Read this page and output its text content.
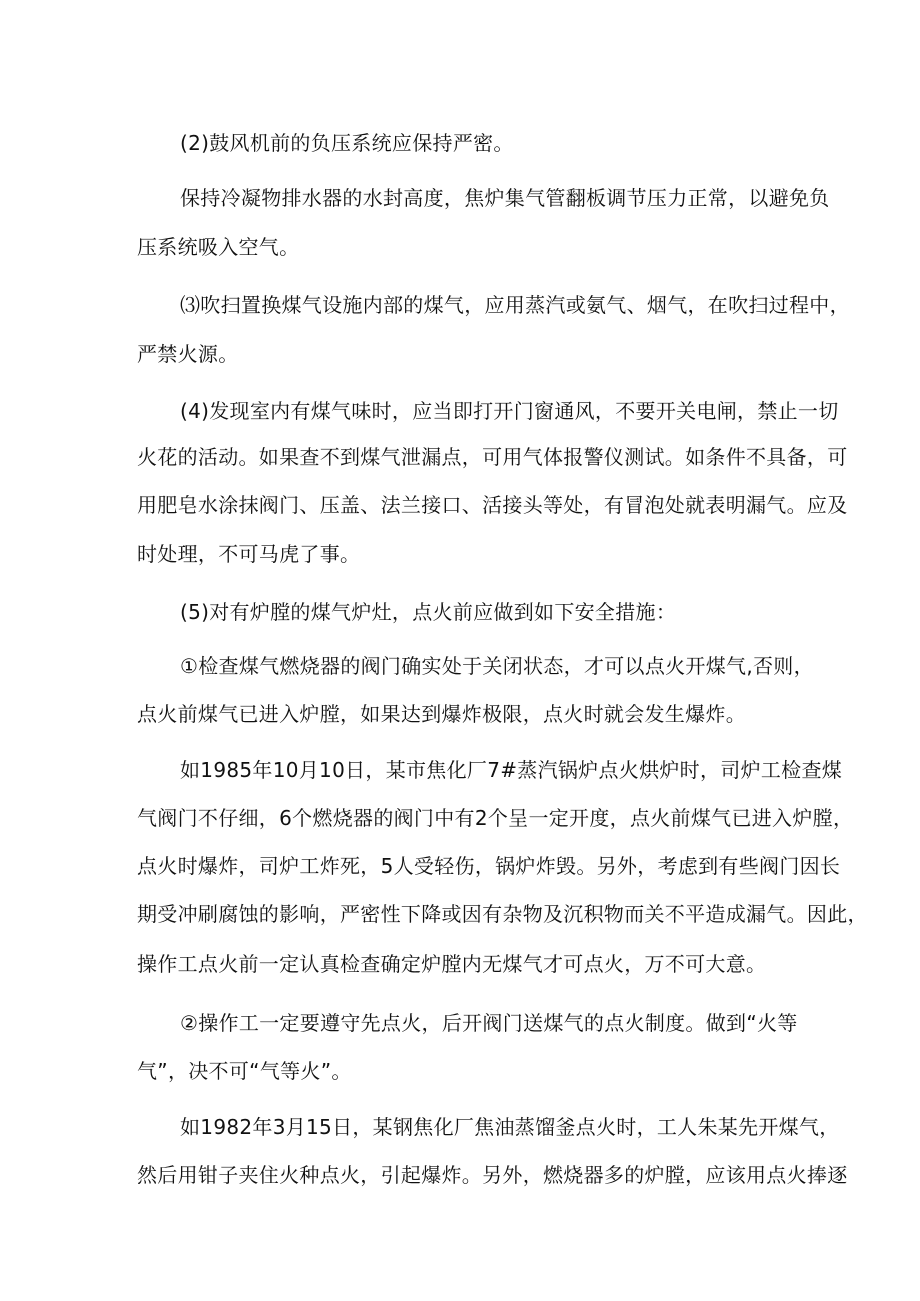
(2)鼓风机前的负压系统应保持严密。
保持冷凝物排水器的水封高度，焦炉集气管翻板调节压力正常，以避免负
压系统吸入空气。
⑶吹扫置换煤气设施内部的煤气，应用蒸汽或氨气、烟气，在吹扫过程中，
严禁火源。
(4)发现室内有煤气味时，应当即打开门窗通风，不要开关电闸，禁止一切
火花的活动。如果查不到煤气泄漏点，可用气体报警仪测试。如条件不具备，可
用肥皂水涂抹阀门、压盖、法兰接口、活接头等处，有冒泡处就表明漏气。应及
时处理，不可马虎了事。
(5)对有炉膛的煤气炉灶，点火前应做到如下安全措施：
①检查煤气燃烧器的阀门确实处于关闭状态，才可以点火开煤气,否则，
点火前煤气已进入炉膛，如果达到爆炸极限，点火时就会发生爆炸。
如1985年10月10日，某市焦化厂7#蒸汽锅炉点火烘炉时，司炉工检查煤
气阀门不仔细，6个燃烧器的阀门中有2个呈一定开度，点火前煤气已进入炉膛，
点火时爆炸，司炉工炸死，5人受轻伤，锅炉炸毁。另外，考虑到有些阀门因长
期受冲刷腐蚀的影响，严密性下降或因有杂物及沉积物而关不平造成漏气。因此，
操作工点火前一定认真检查确定炉膛内无煤气才可点火，万不可大意。
②操作工一定要遵守先点火，后开阀门送煤气的点火制度。做到“火等
气”，决不可“气等火”。
如1982年3月15日，某钢焦化厂焦油蒸馏釜点火时，工人朱某先开煤气，
然后用钳子夹住火种点火，引起爆炸。另外，燃烧器多的炉膛，应该用点火捧逐
